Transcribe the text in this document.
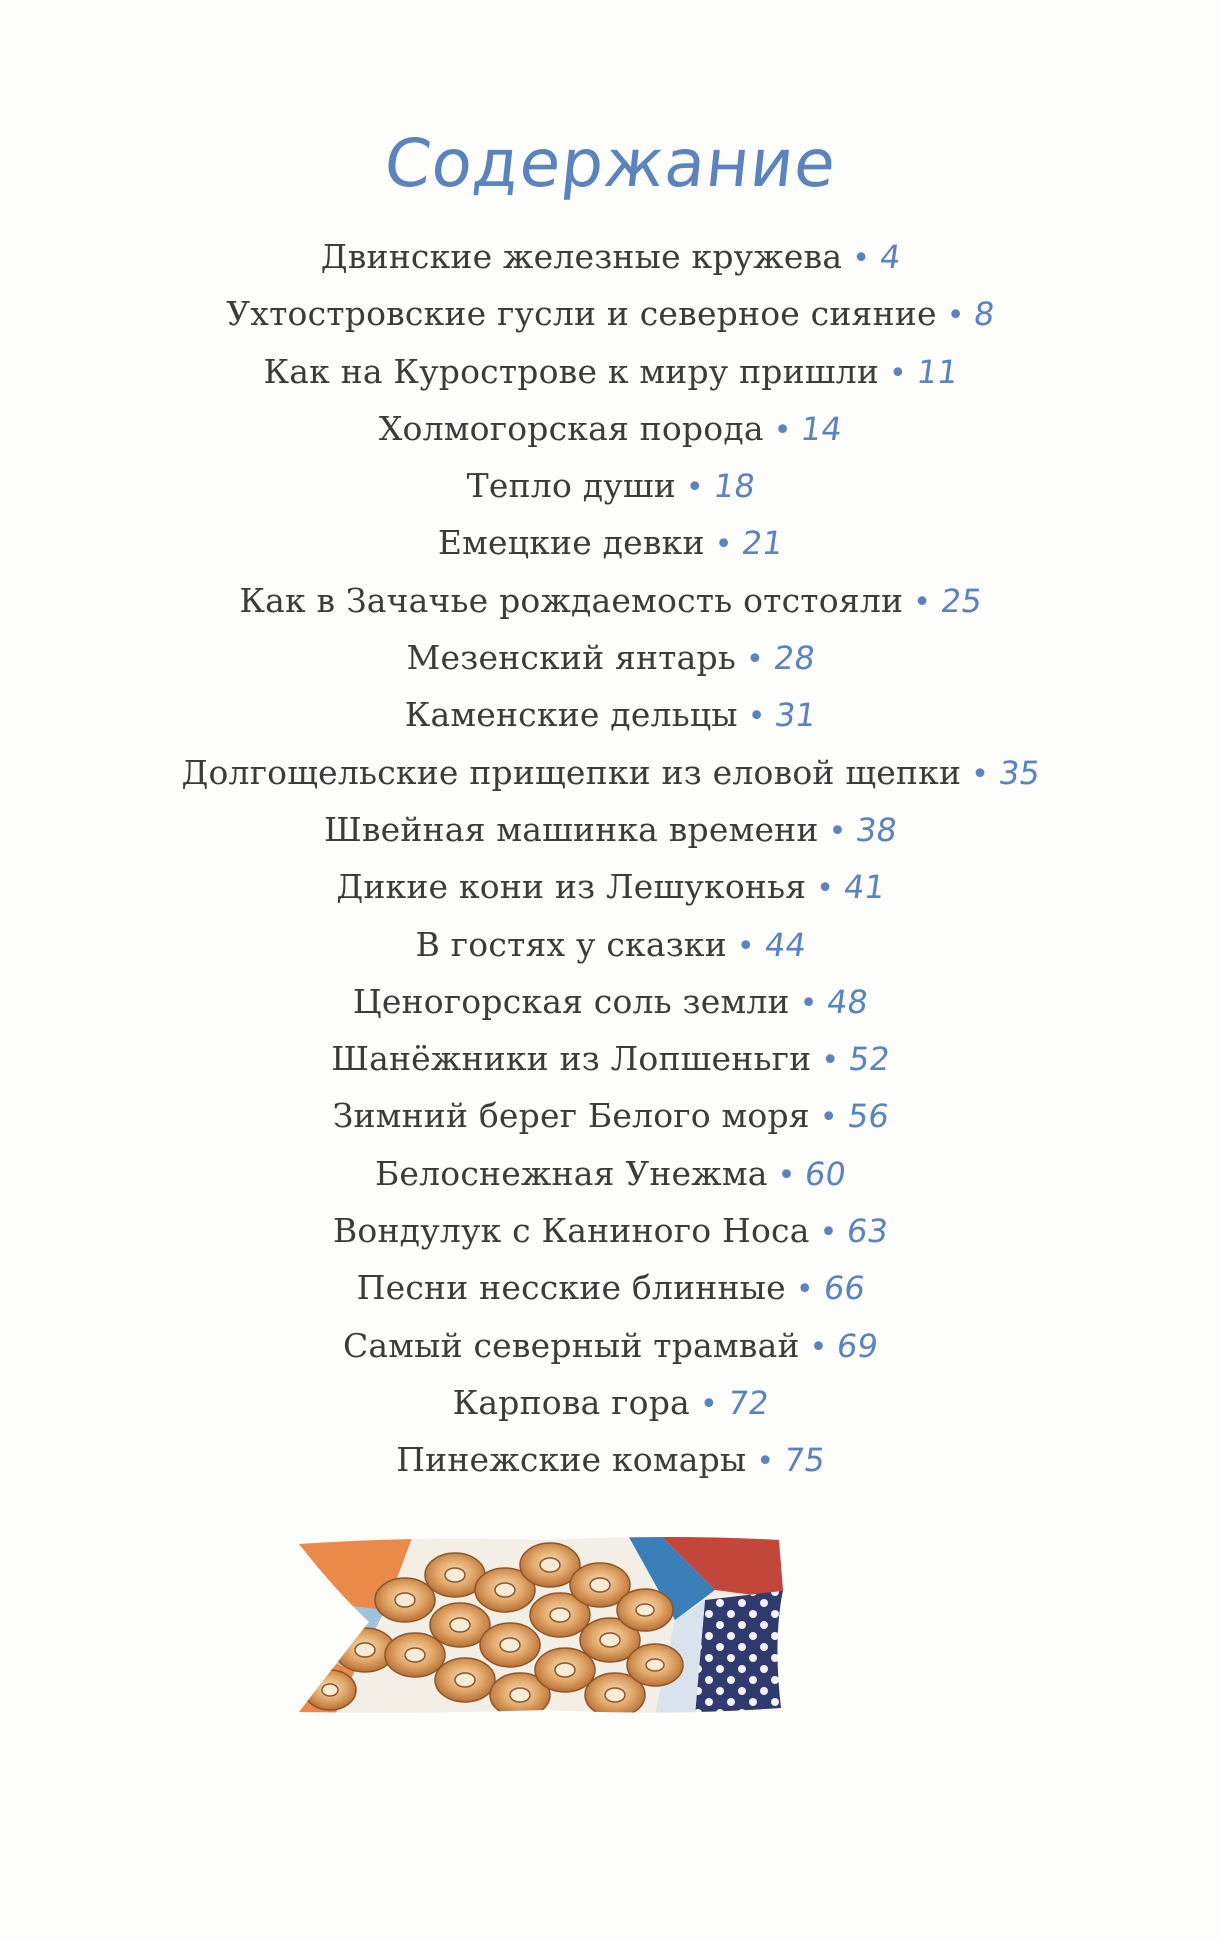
Содержание
Двинские железные кружева • 4
Ухтостровские гусли и северное сияние • 8
Как на Курострове к миру пришли • 11
Холмогорская порода • 14
Тепло души • 18
Емецкие девки • 21
Как в Зачачье рождаемость отстояли • 25
Мезенский янтарь • 28
Каменские дельцы • 31
Долгощельские прищепки из еловой щепки • 35
Швейная машинка времени • 38
Дикие кони из Лешуконья • 41
В гостях у сказки • 44
Ценогорская соль земли • 48
Шанёжники из Лопшеньги • 52
Зимний берег Белого моря • 56
Белоснежная Унежма • 60
Вондулук с Каниного Носа • 63
Песни несские блинные • 66
Самый северный трамвай • 69
Карпова гора • 72
Пинежские комары • 75
